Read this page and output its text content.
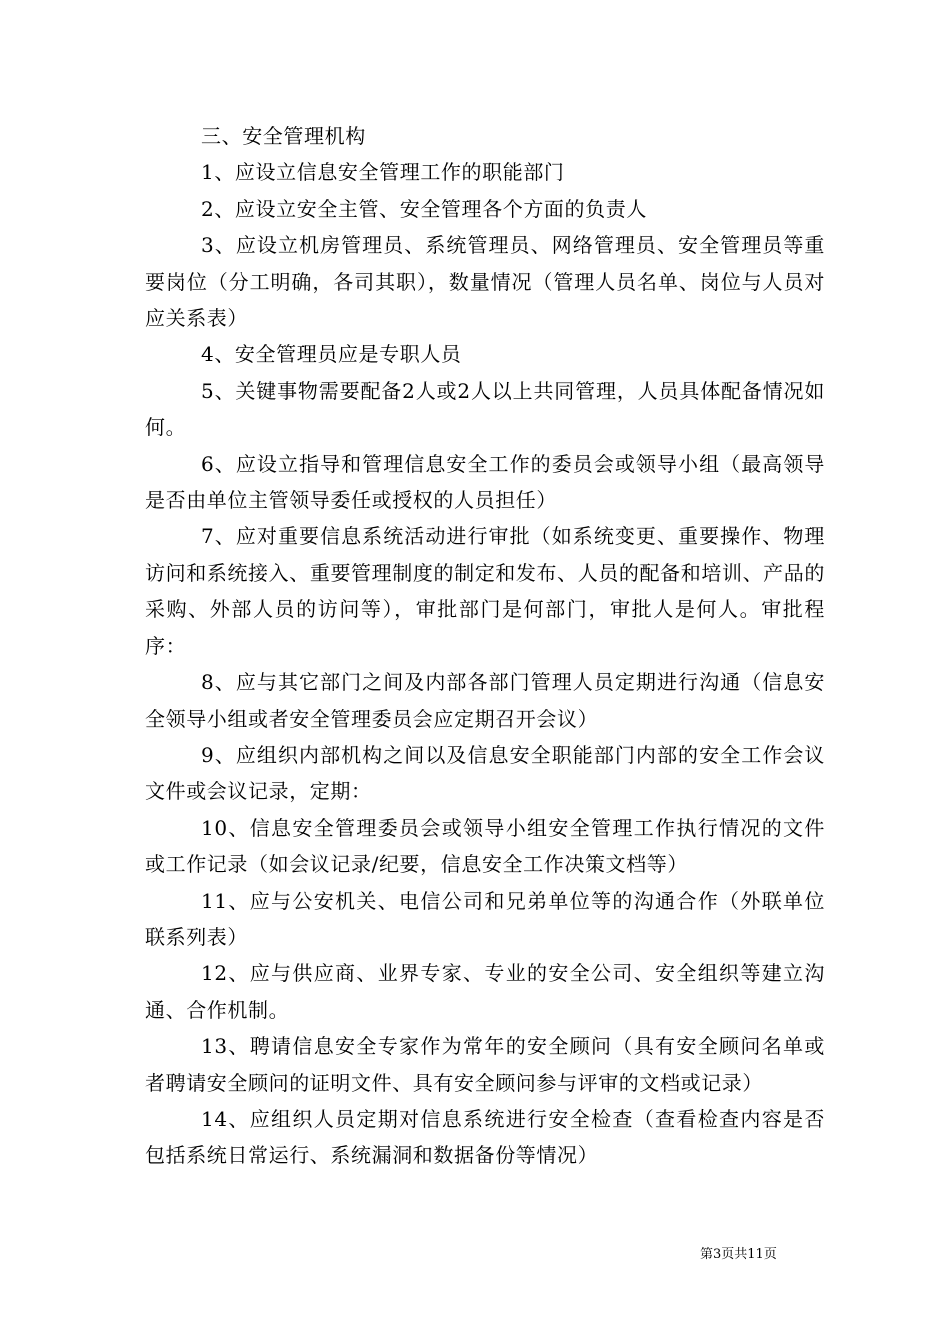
三、安全管理机构

1、应设立信息安全管理工作的职能部门

2、应设立安全主管、安全管理各个方面的负责人

3、应设立机房管理员、系统管理员、网络管理员、安全管理员等重要岗位（分工明确，各司其职），数量情况（管理人员名单、岗位与人员对应关系表）

4、安全管理员应是专职人员

5、关键事物需要配备2人或2人以上共同管理，人员具体配备情况如何。

6、应设立指导和管理信息安全工作的委员会或领导小组（最高领导是否由单位主管领导委任或授权的人员担任）

7、应对重要信息系统活动进行审批（如系统变更、重要操作、物理访问和系统接入、重要管理制度的制定和发布、人员的配备和培训、产品的采购、外部人员的访问等），审批部门是何部门，审批人是何人。审批程序：

8、应与其它部门之间及内部各部门管理人员定期进行沟通（信息安全领导小组或者安全管理委员会应定期召开会议）

9、应组织内部机构之间以及信息安全职能部门内部的安全工作会议文件或会议记录，定期：

10、信息安全管理委员会或领导小组安全管理工作执行情况的文件或工作记录（如会议记录/纪要，信息安全工作决策文档等）

11、应与公安机关、电信公司和兄弟单位等的沟通合作（外联单位联系列表）

12、应与供应商、业界专家、专业的安全公司、安全组织等建立沟通、合作机制。

13、聘请信息安全专家作为常年的安全顾问（具有安全顾问名单或者聘请安全顾问的证明文件、具有安全顾问参与评审的文档或记录）

14、应组织人员定期对信息系统进行安全检查（查看检查内容是否包括系统日常运行、系统漏洞和数据备份等情况）

第3页共11页
